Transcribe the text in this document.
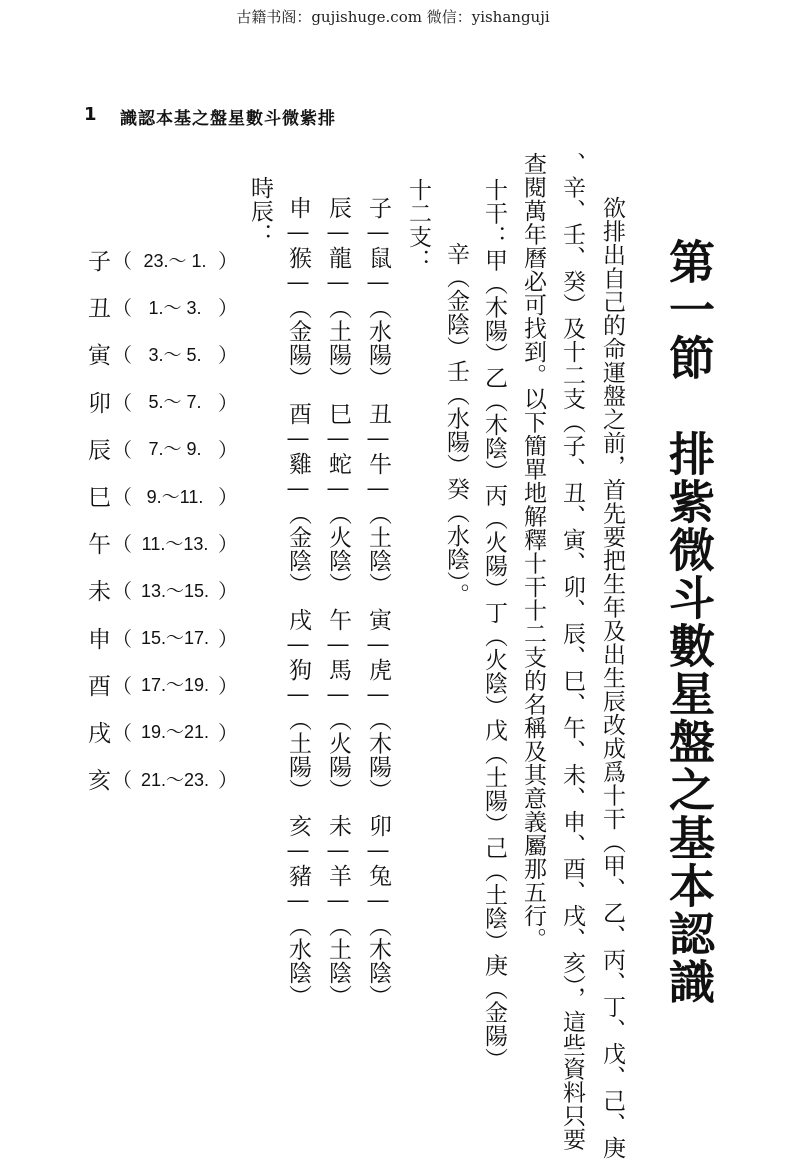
古籍书阁：gujishuge.com 微信：yishanguji
1 識認本基之盤星數斗微紫排
第一節　排紫微斗數星盤之基本認識
欲排出自己的命運盤之前，首先要把生年及出生辰改成爲十干（甲、乙、丙、丁、戊、己、庚
、辛、壬、癸）及十二支（子、丑、寅、卯、辰、巳、午、未、申、酉、戌、亥），這些資料只要
查閱萬年曆必可找到。以下簡單地解釋十干十二支的名稱及其意義屬那五行。
十干：甲（木陽）乙（木陰）丙（火陽）丁（火陰）戊（土陽）己（土陰）庚（金陽）
辛（金陰）壬（水陽）癸（水陰）。
十二支：
子—鼠—（水陽）　丑—牛—（土陰）　寅—虎—（木陽）　卯—兔—（木陰）
辰—龍—（土陽）　巳—蛇—（火陰）　午—馬—（火陽）　未—羊—（土陰）
申—猴—（金陽）　酉—雞—（金陰）　戌—狗—（土陽）　亥—豬—（水陰）
時辰：
子 （ 23.～ 1. ）
丑 （ 1.～ 3. ）
寅 （ 3.～ 5. ）
卯 （ 5.～ 7. ）
辰 （ 7.～ 9. ）
巳 （ 9.～11. ）
午 （ 11.～13. ）
未 （ 13.～15. ）
申 （ 15.～17. ）
酉 （ 17.～19. ）
戌 （ 19.～21. ）
亥 （ 21.～23. ）
